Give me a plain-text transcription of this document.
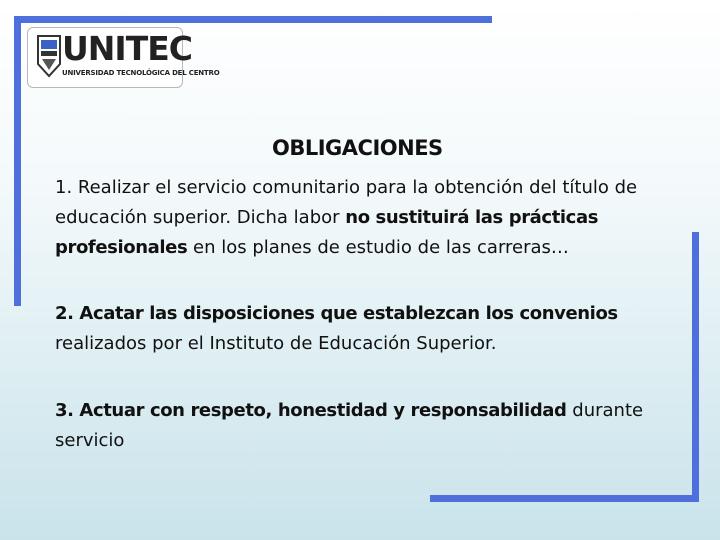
UNITEC
UNIVERSIDAD TECNOLÓGICA DEL CENTRO
OBLIGACIONES
1. Realizar el servicio comunitario para la obtención del título de educación superior. Dicha labor no sustituirá las prácticas profesionales en los planes de estudio de las carreras…
2. Acatar las disposiciones que establezcan los convenios realizados por el Instituto de Educación Superior.
3. Actuar con respeto, honestidad y responsabilidad durante servicio
